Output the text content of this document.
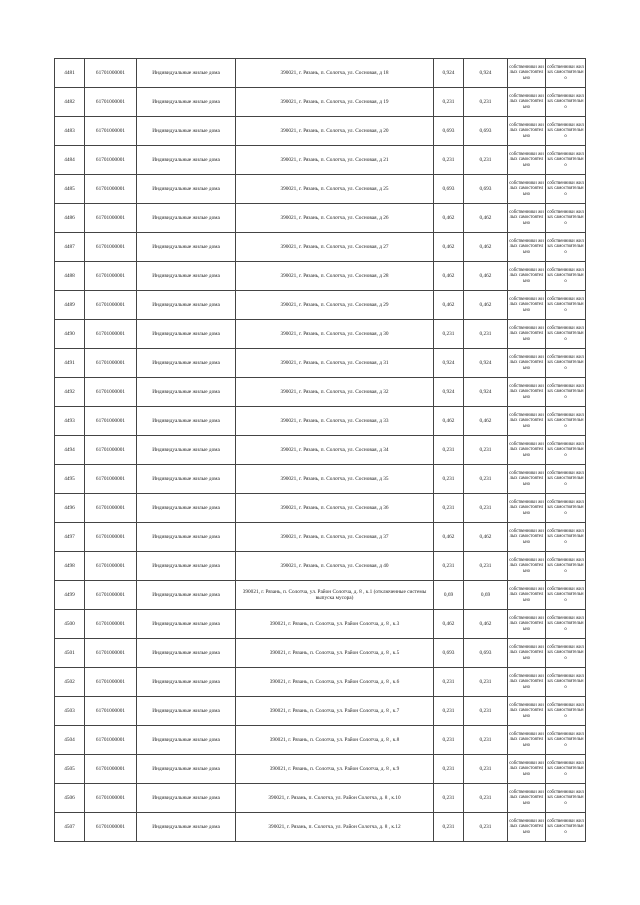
4481	61701000001	Индивидуальные жилые дома	390021, г. Рязань, п. Солотча, ул. Сосновая, д 18	0,924	0,924	собственники жилых самостоятельно	собственники жилых самостоятельно
4482	61701000001	Индивидуальные жилые дома	390021, г. Рязань, п. Солотча, ул. Сосновая, д 19	0,231	0,231	собственники жилых самостоятельно	собственники жилых самостоятельно
4483	61701000001	Индивидуальные жилые дома	390021, г. Рязань, п. Солотча, ул. Сосновая, д 20	0,693	0,693	собственники жилых самостоятельно	собственники жилых самостоятельно
4484	61701000001	Индивидуальные жилые дома	390021, г. Рязань, п. Солотча, ул. Сосновая, д 21	0,231	0,231	собственники жилых самостоятельно	собственники жилых самостоятельно
4485	61701000001	Индивидуальные жилые дома	390021, г. Рязань, п. Солотча, ул. Сосновая, д 25	0,693	0,693	собственники жилых самостоятельно	собственники жилых самостоятельно
4486	61701000001	Индивидуальные жилые дома	390021, г. Рязань, п. Солотча, ул. Сосновая, д 26	0,462	0,462	собственники жилых самостоятельно	собственники жилых самостоятельно
4487	61701000001	Индивидуальные жилые дома	390021, г. Рязань, п. Солотча, ул. Сосновая, д 27	0,462	0,462	собственники жилых самостоятельно	собственники жилых самостоятельно
4488	61701000001	Индивидуальные жилые дома	390021, г. Рязань, п. Солотча, ул. Сосновая, д 28	0,462	0,462	собственники жилых самостоятельно	собственники жилых самостоятельно
4489	61701000001	Индивидуальные жилые дома	390021, г. Рязань, п. Солотча, ул. Сосновая, д 29	0,462	0,462	собственники жилых самостоятельно	собственники жилых самостоятельно
4490	61701000001	Индивидуальные жилые дома	390021, г. Рязань, п. Солотча, ул. Сосновая, д 30	0,231	0,231	собственники жилых самостоятельно	собственники жилых самостоятельно
4491	61701000001	Индивидуальные жилые дома	390021, г. Рязань, п. Солотча, ул. Сосновая, д 31	0,924	0,924	собственники жилых самостоятельно	собственники жилых самостоятельно
4492	61701000001	Индивидуальные жилые дома	390021, г. Рязань, п. Солотча, ул. Сосновая, д 32	0,924	0,924	собственники жилых самостоятельно	собственники жилых самостоятельно
4493	61701000001	Индивидуальные жилые дома	390021, г. Рязань, п. Солотча, ул. Сосновая, д 33	0,462	0,462	собственники жилых самостоятельно	собственники жилых самостоятельно
4494	61701000001	Индивидуальные жилые дома	390021, г. Рязань, п. Солотча, ул. Сосновая, д 34	0,231	0,231	собственники жилых самостоятельно	собственники жилых самостоятельно
4495	61701000001	Индивидуальные жилые дома	390021, г. Рязань, п. Солотча, ул. Сосновая, д 35	0,231	0,231	собственники жилых самостоятельно	собственники жилых самостоятельно
4496	61701000001	Индивидуальные жилые дома	390021, г. Рязань, п. Солотча, ул. Сосновая, д 36	0,231	0,231	собственники жилых самостоятельно	собственники жилых самостоятельно
4497	61701000001	Индивидуальные жилые дома	390021, г. Рязань, п. Солотча, ул. Сосновая, д 37	0,462	0,462	собственники жилых самостоятельно	собственники жилых самостоятельно
4498	61701000001	Индивидуальные жилые дома	390021, г. Рязань, п. Солотча, ул. Сосновая, д 40	0,231	0,231	собственники жилых самостоятельно	собственники жилых самостоятельно
4499	61701000001	Индивидуальные жилые дома	390021, г. Рязань, п. Солотча, ул. Район Солотча, д. 8 , к.1 (отключенные системы выпуска мусора)	0,69	0,69	собственники жилых самостоятельно	собственники жилых самостоятельно
4500	61701000001	Индивидуальные жилые дома	390021, г. Рязань, п. Солотча, ул. Район Солотча, д. 8 , к.3	0,462	0,462	собственники жилых самостоятельно	собственники жилых самостоятельно
4501	61701000001	Индивидуальные жилые дома	390021, г. Рязань, п. Солотча, ул. Район Солотча, д. 8 , к.5	0,693	0,693	собственники жилых самостоятельно	собственники жилых самостоятельно
4502	61701000001	Индивидуальные жилые дома	390021, г. Рязань, п. Солотча, ул. Район Солотча, д. 8 , к.6	0,231	0,231	собственники жилых самостоятельно	собственники жилых самостоятельно
4503	61701000001	Индивидуальные жилые дома	390021, г. Рязань, п. Солотча, ул. Район Солотча, д. 8 , к.7	0,231	0,231	собственники жилых самостоятельно	собственники жилых самостоятельно
4504	61701000001	Индивидуальные жилые дома	390021, г. Рязань, п. Солотча, ул. Район Солотча, д. 8 , к.8	0,231	0,231	собственники жилых самостоятельно	собственники жилых самостоятельно
4505	61701000001	Индивидуальные жилые дома	390021, г. Рязань, п. Солотча, ул. Район Солотча, д. 8 , к.9	0,231	0,231	собственники жилых самостоятельно	собственники жилых самостоятельно
4506	61701000001	Индивидуальные жилые дома	390021, г. Рязань, п. Солотча, ул. Район Солотча, д. 8 , к.10	0,231	0,231	собственники жилых самостоятельно	собственники жилых самостоятельно
4507	61701000001	Индивидуальные жилые дома	390021, г. Рязань, п. Солотча, ул. Район Солотча, д. 8 , к.12	0,231	0,231	собственники жилых самостоятельно	собственники жилых самостоятельно
